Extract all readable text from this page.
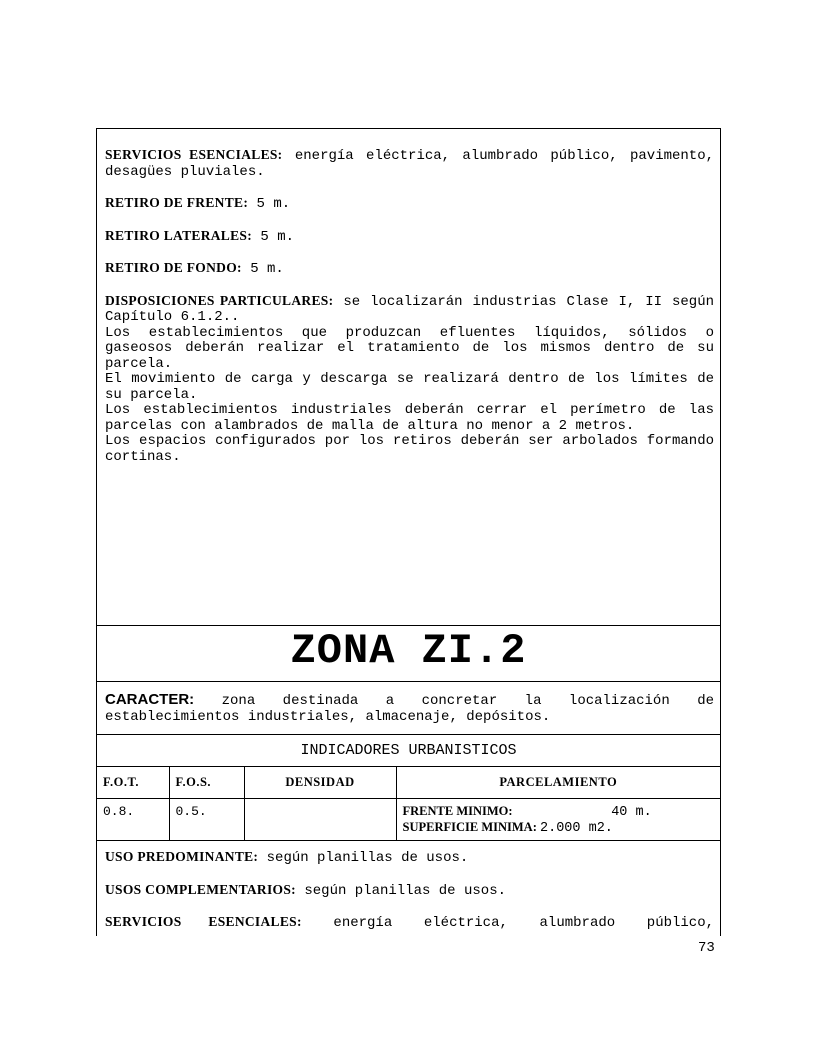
SERVICIOS ESENCIALES: energía eléctrica, alumbrado público, pavimento, desagües pluviales.

RETIRO DE FRENTE: 5 m.

RETIRO LATERALES: 5 m.

RETIRO DE FONDO: 5 m.

DISPOSICIONES PARTICULARES: se localizarán industrias Clase I, II según Capítulo 6.1.2..

Los establecimientos que produzcan efluentes líquidos, sólidos o gaseosos deberán realizar el tratamiento de los mismos dentro de su parcela.

El movimiento de carga y descarga se realizará dentro de los límites de su parcela.

Los establecimientos industriales deberán cerrar el perímetro de las parcelas con alambrados de malla de altura no menor a 2 metros.

Los espacios configurados por los retiros deberán ser arbolados formando cortinas.

ZONA ZI.2

CARACTER: zona destinada a concretar la localización de establecimientos industriales, almacenaje, depósitos.

INDICADORES URBANISTICOS
F.O.T.	F.O.S.	DENSIDAD	PARCELAMIENTO
0.8.	0.5.		FRENTE MINIMO: 40 m.
SUPERFICIE MINIMA: 2.000 m2.

USO PREDOMINANTE: según planillas de usos.

USOS COMPLEMENTARIOS: según planillas de usos.

SERVICIOS ESENCIALES: energía eléctrica, alumbrado público,

73
